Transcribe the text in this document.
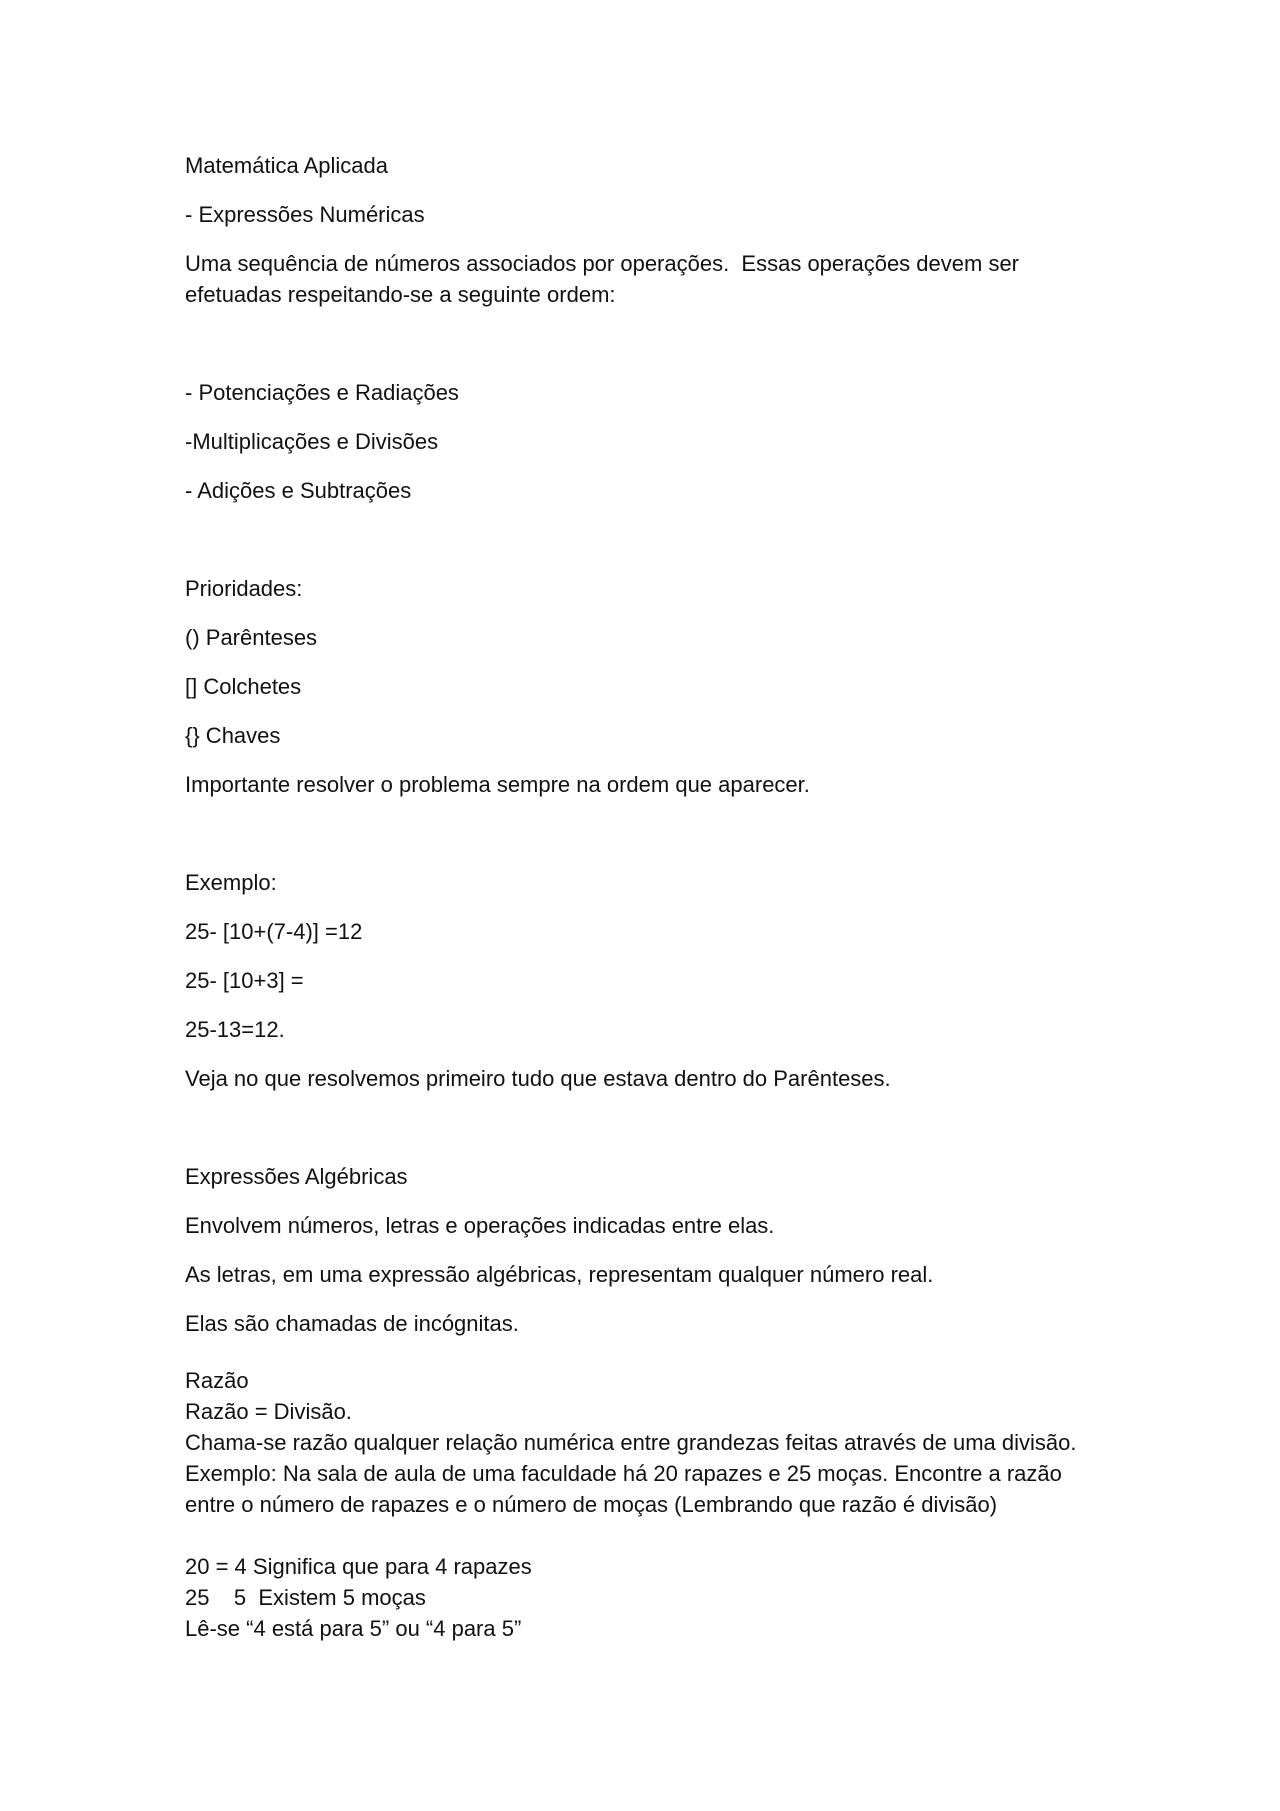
Matemática Aplicada

- Expressões Numéricas

Uma sequência de números associados por operações.  Essas operações devem ser efetuadas respeitando-se a seguinte ordem:

- Potenciações e Radiações

-Multiplicações e Divisões

- Adições e Subtrações

Prioridades:

() Parênteses

[] Colchetes

{} Chaves

Importante resolver o problema sempre na ordem que aparecer.

Exemplo:

25- [10+(7-4)] =12

25- [10+3] =

25-13=12.

Veja no que resolvemos primeiro tudo que estava dentro do Parênteses.

Expressões Algébricas

Envolvem números, letras e operações indicadas entre elas.

As letras, em uma expressão algébricas, representam qualquer número real.

Elas são chamadas de incógnitas.

Razão

Razão = Divisão.

Chama-se razão qualquer relação numérica entre grandezas feitas através de uma divisão.

Exemplo: Na sala de aula de uma faculdade há 20 rapazes e 25 moças. Encontre a razão entre o número de rapazes e o número de moças (Lembrando que razão é divisão)

20 = 4 Significa que para 4 rapazes

25    5  Existem 5 moças

Lê-se “4 está para 5” ou “4 para 5”
